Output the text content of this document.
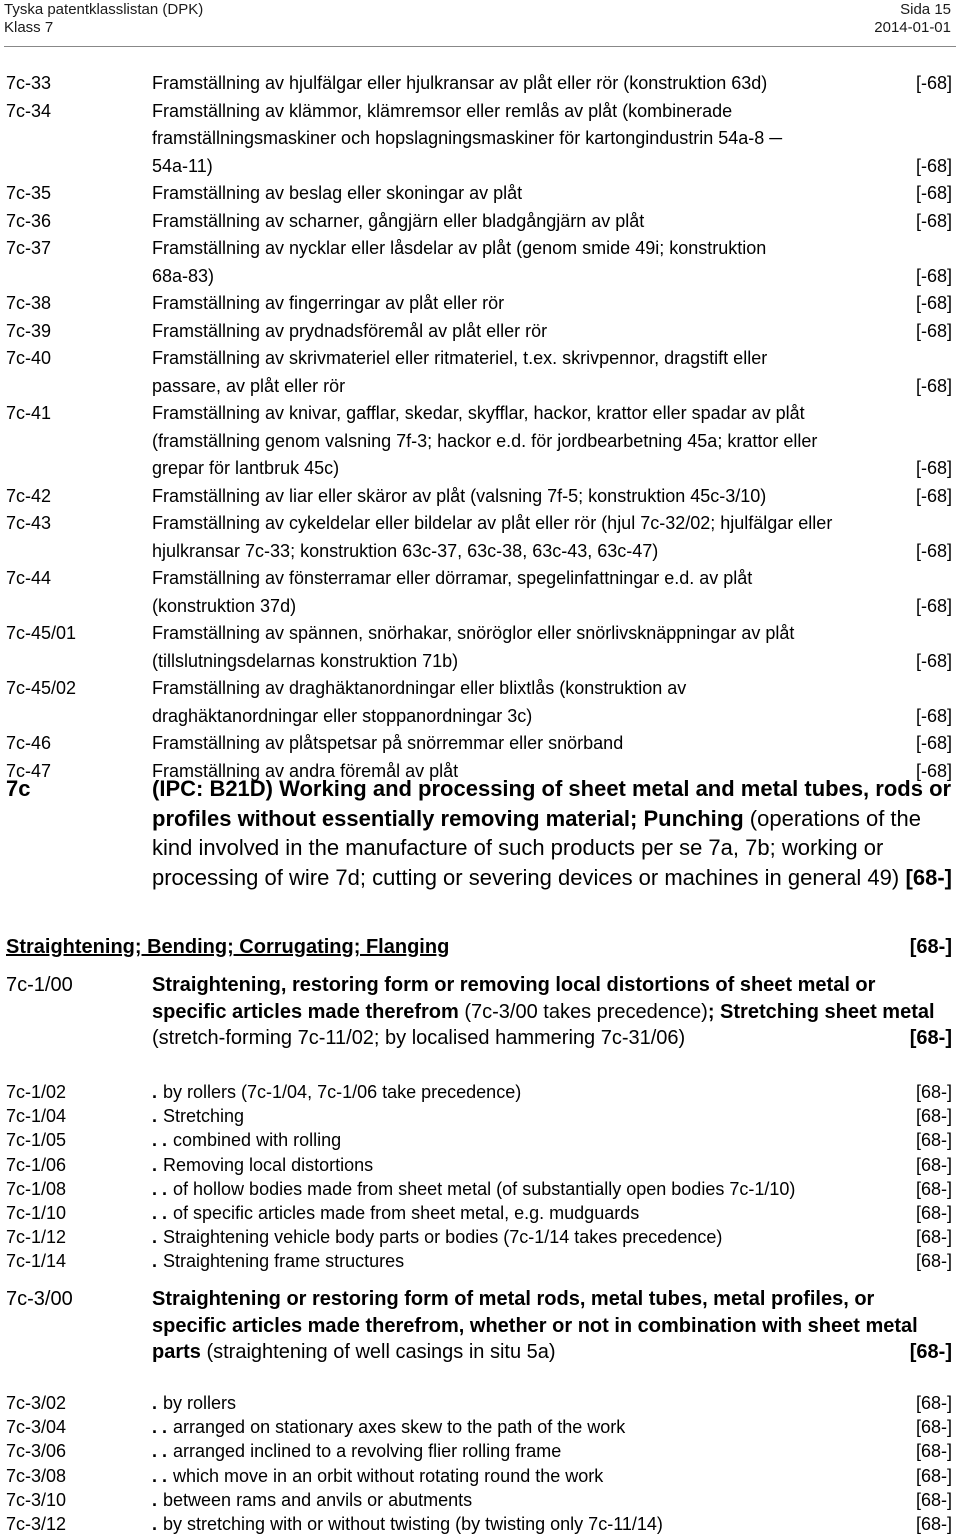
Tyska patentklasslistan (DPK)
Klass 7
Sida 15
2014-01-01
7c-33	Framställning av hjulfälgar eller hjulkransar av plåt eller rör (konstruktion 63d)	[-68]
7c-34	Framställning av klämmor, klämremsor eller remlås av plåt (kombinerade
framställningsmaskiner och hopslagningsmaskiner för kartongindustrin 54a-8 ─
54a-11)	[-68]
7c-35	Framställning av beslag eller skoningar av plåt	[-68]
7c-36	Framställning av scharner, gångjärn eller bladgångjärn av plåt	[-68]
7c-37	Framställning av nycklar eller låsdelar av plåt (genom smide 49i; konstruktion
68a-83)	[-68]
7c-38	Framställning av fingerringar av plåt eller rör	[-68]
7c-39	Framställning av prydnadsföremål av plåt eller rör	[-68]
7c-40	Framställning av skrivmateriel eller ritmateriel, t.ex. skrivpennor, dragstift eller
passare, av plåt eller rör	[-68]
7c-41	Framställning av knivar, gafflar, skedar, skyfflar, hackor, krattor eller spadar av plåt
(framställning genom valsning 7f-3; hackor e.d. för jordbearbetning 45a; krattor eller
grepar för lantbruk 45c)	[-68]
7c-42	Framställning av liar eller skäror av plåt (valsning 7f-5; konstruktion 45c-3/10)	[-68]
7c-43	Framställning av cykeldelar eller bildelar av plåt eller rör (hjul 7c-32/02; hjulfälgar eller
hjulkransar 7c-33; konstruktion 63c-37, 63c-38, 63c-43, 63c-47)	[-68]
7c-44	Framställning av fönsterramar eller dörramar, spegelinfattningar e.d. av plåt
(konstruktion 37d)	[-68]
7c-45/01	Framställning av spännen, snörhakar, snöröglor eller snörlivsknäppningar av plåt
(tillslutningsdelarnas konstruktion 71b)	[-68]
7c-45/02	Framställning av draghäktanordningar eller blixtlås (konstruktion av
draghäktanordningar eller stoppanordningar 3c)	[-68]
7c-46	Framställning av plåtspetsar på snörremmar eller snörband	[-68]
7c-47	Framställning av andra föremål av plåt	[-68]
7c	(IPC: B21D) Working and processing of sheet metal and metal tubes, rods or profiles without essentially removing material; Punching (operations of the kind involved in the manufacture of such products per se 7a, 7b; working or processing of wire 7d; cutting or severing devices or machines in general 49) [68-]
Straightening; Bending; Corrugating; Flanging	[68-]
7c-1/00	Straightening, restoring form or removing local distortions of sheet metal or specific articles made therefrom (7c-3/00 takes precedence); Stretching sheet metal (stretch-forming 7c-11/02; by localised hammering 7c-31/06)	[68-]
7c-1/02	. by rollers (7c-1/04, 7c-1/06 take precedence)	[68-]
7c-1/04	. Stretching	[68-]
7c-1/05	. . combined with rolling	[68-]
7c-1/06	. Removing local distortions	[68-]
7c-1/08	. . of hollow bodies made from sheet metal (of substantially open bodies 7c-1/10)	[68-]
7c-1/10	. . of specific articles made from sheet metal, e.g. mudguards	[68-]
7c-1/12	. Straightening vehicle body parts or bodies (7c-1/14 takes precedence)	[68-]
7c-1/14	. Straightening frame structures	[68-]
7c-3/00	Straightening or restoring form of metal rods, metal tubes, metal profiles, or specific articles made therefrom, whether or not in combination with sheet metal parts (straightening of well casings in situ 5a)	[68-]
7c-3/02	. by rollers	[68-]
7c-3/04	. . arranged on stationary axes skew to the path of the work	[68-]
7c-3/06	. . arranged inclined to a revolving flier rolling frame	[68-]
7c-3/08	. . which move in an orbit without rotating round the work	[68-]
7c-3/10	. between rams and anvils or abutments	[68-]
7c-3/12	. by stretching with or without twisting (by twisting only 7c-11/14)	[68-]
